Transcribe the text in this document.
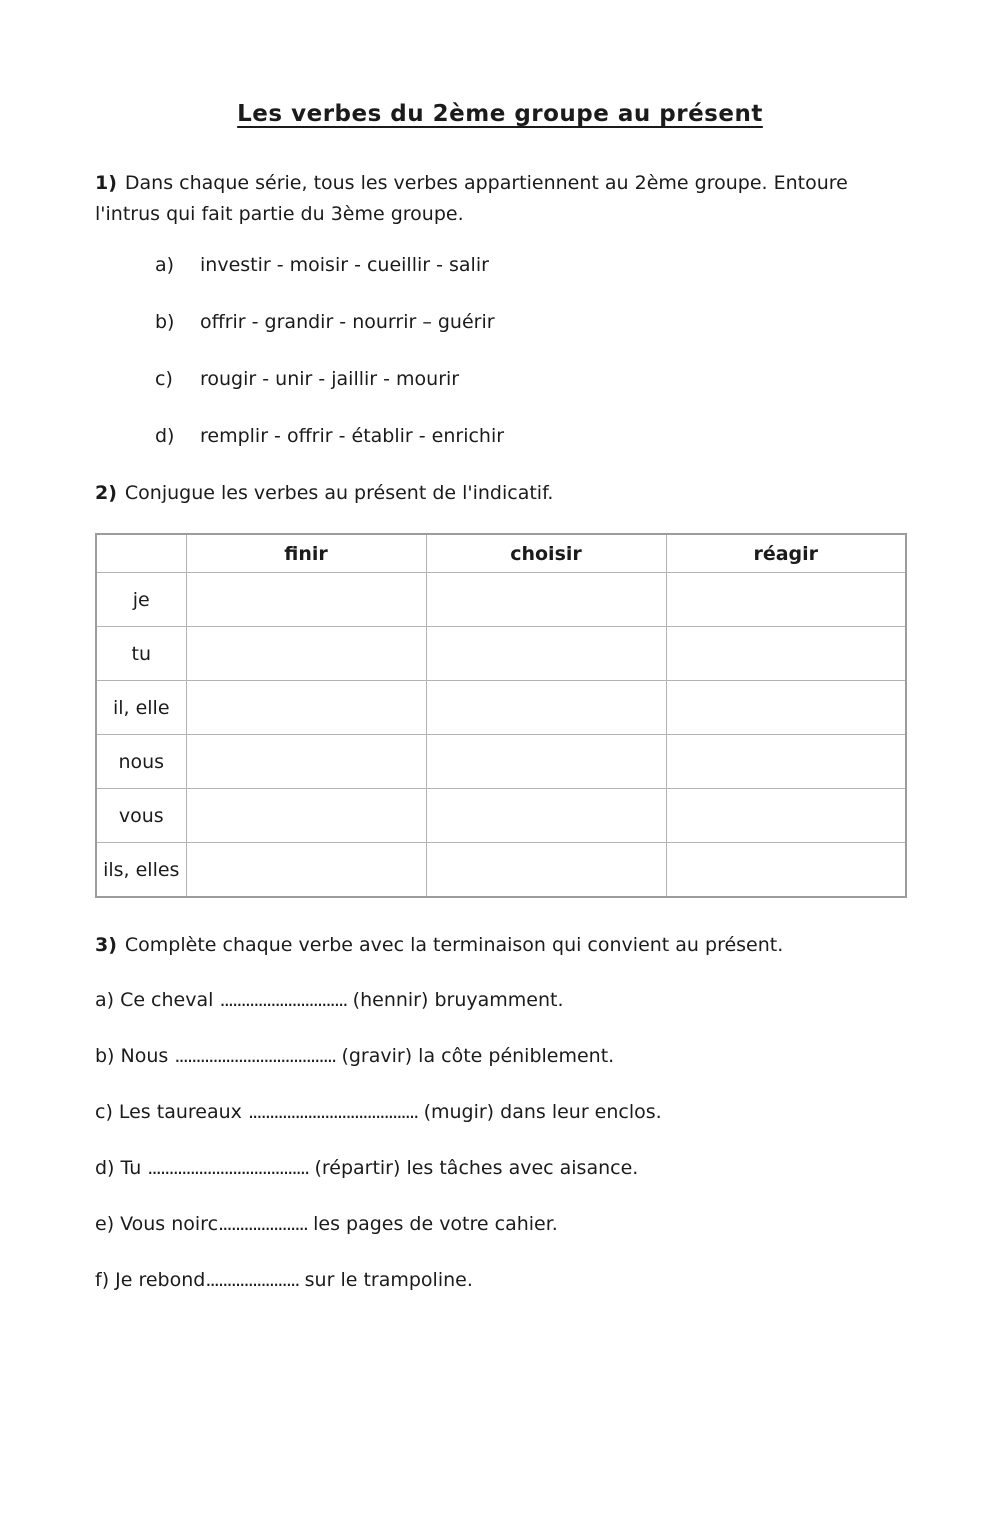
Les verbes du 2ème groupe au présent

1) Dans chaque série, tous les verbes appartiennent au 2ème groupe. Entoure l'intrus qui fait partie du 3ème groupe.

a) investir - moisir - cueillir - salir
b) offrir - grandir - nourrir – guérir
c) rougir - unir - jaillir - mourir
d) remplir - offrir - établir - enrichir

2) Conjugue les verbes au présent de l'indicatif.

	finir	choisir	réagir
je			
tu			
il, elle			
nous			
vous			
ils, elles			

3) Complète chaque verbe avec la terminaison qui convient au présent.

a) Ce cheval .............................. (hennir) bruyamment.

b) Nous ...................................... (gravir) la côte péniblement.

c) Les taureaux ........................................ (mugir) dans leur enclos.

d) Tu ...................................... (répartir) les tâches avec aisance.

e) Vous noirc..................... les pages de votre cahier.

f) Je rebond...................... sur le trampoline.
